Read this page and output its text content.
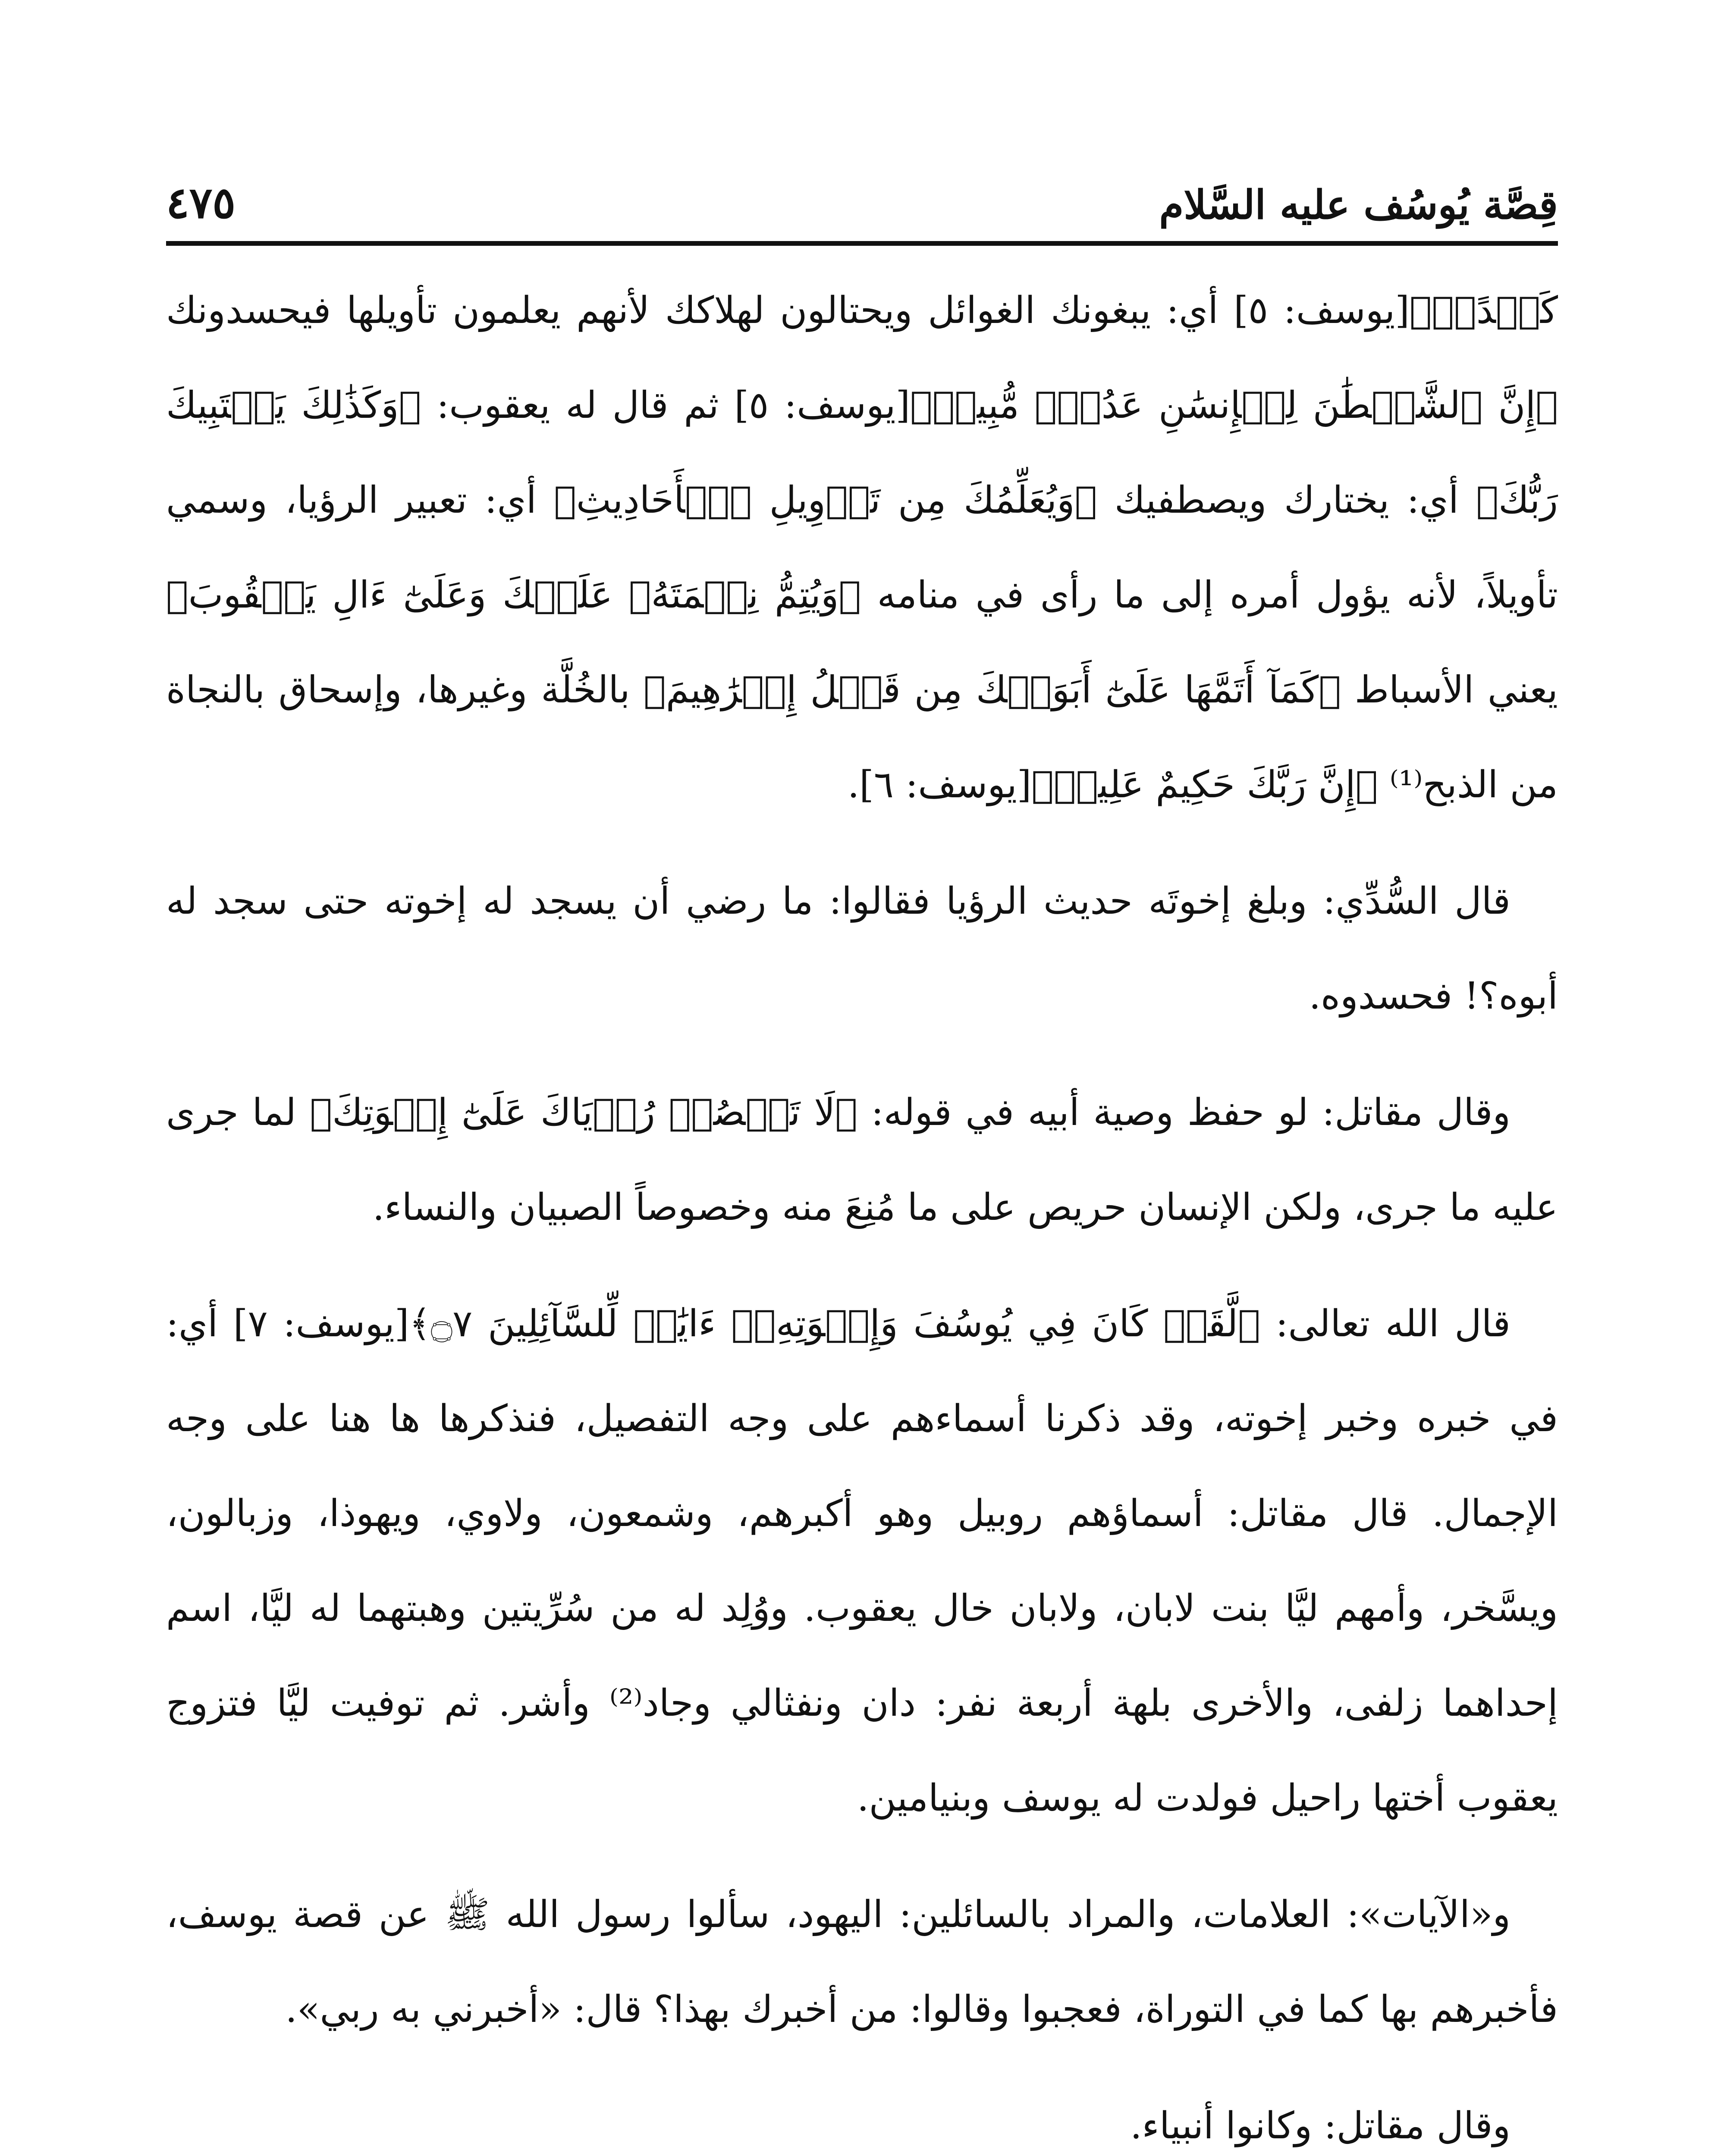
قِصَّة يُوسُف عليه السَّلام
٤٧٥

كَيۡدًاۖ﴾[يوسف: ٥] أي: يبغونك الغوائل ويحتالون لهلاكك لأنهم يعلمون تأويلها فيحسدونك ﴿إِنَّ ٱلشَّيۡطَٰنَ لِلۡإِنسَٰنِ عَدُوّٞ مُّبِينٞ﴾[يوسف: ٥] ثم قال له يعقوب: ﴿وَكَذَٰلِكَ يَجۡتَبِيكَ رَبُّكَ﴾ أي: يختارك ويصطفيك ﴿وَيُعَلِّمُكَ مِن تَأۡوِيلِ ٱلۡأَحَادِيثِ﴾ أي: تعبير الرؤيا، وسمي تأويلاً، لأنه يؤول أمره إلى ما رأى في منامه ﴿وَيُتِمُّ نِعۡمَتَهُۥ عَلَيۡكَ وَعَلَىٰٓ ءَالِ يَعۡقُوبَ﴾ يعني الأسباط ﴿كَمَآ أَتَمَّهَا عَلَىٰٓ أَبَوَيۡكَ مِن قَبۡلُ إِبۡرَٰهِيمَ﴾ بالخُلَّة وغيرها، وإسحاق بالنجاة من الذبح⁽¹⁾ ﴿إِنَّ رَبَّكَ حَكِيمٌ عَلِيمٞ﴾[يوسف: ٦].

قال السُّدِّي: وبلغ إخوتَه حديث الرؤيا فقالوا: ما رضي أن يسجد له إخوته حتى سجد له أبوه؟! فحسدوه.

وقال مقاتل: لو حفظ وصية أبيه في قوله: ﴿لَا تَقۡصُصۡ رُءۡيَاكَ عَلَىٰٓ إِخۡوَتِكَ﴾ لما جرى عليه ما جرى، ولكن الإنسان حريص على ما مُنِعَ منه وخصوصاً الصبيان والنساء.

قال الله تعالى: ﴿لَّقَدۡ كَانَ فِي يُوسُفَ وَإِخۡوَتِهِۦٓ ءَايَٰتٞ لِّلسَّآئِلِينَ ۝٧﴾[يوسف: ٧] أي: في خبره وخبر إخوته، وقد ذكرنا أسماءهم على وجه التفصيل، فنذكرها ها هنا على وجه الإجمال. قال مقاتل: أسماؤهم روبيل وهو أكبرهم، وشمعون، ولاوي، ويهوذا، وزبالون، ويسَّخر، وأمهم ليَّا بنت لابان، ولابان خال يعقوب. ووُلِد له من سُرِّيتين وهبتهما له ليَّا، اسم إحداهما زلفى، والأخرى بلهة أربعة نفر: دان ونفثالي وجاد⁽²⁾ وأشر. ثم توفيت ليَّا فتزوج يعقوب أختها راحيل فولدت له يوسف وبنيامين.

و«الآيات»: العلامات، والمراد بالسائلين: اليهود، سألوا رسول الله ﷺ عن قصة يوسف، فأخبرهم بها كما في التوراة، فعجبوا وقالوا: من أخبرك بهذا؟ قال: «أخبرني به ربي».

وقال مقاتل: وكانوا أنبياء.
